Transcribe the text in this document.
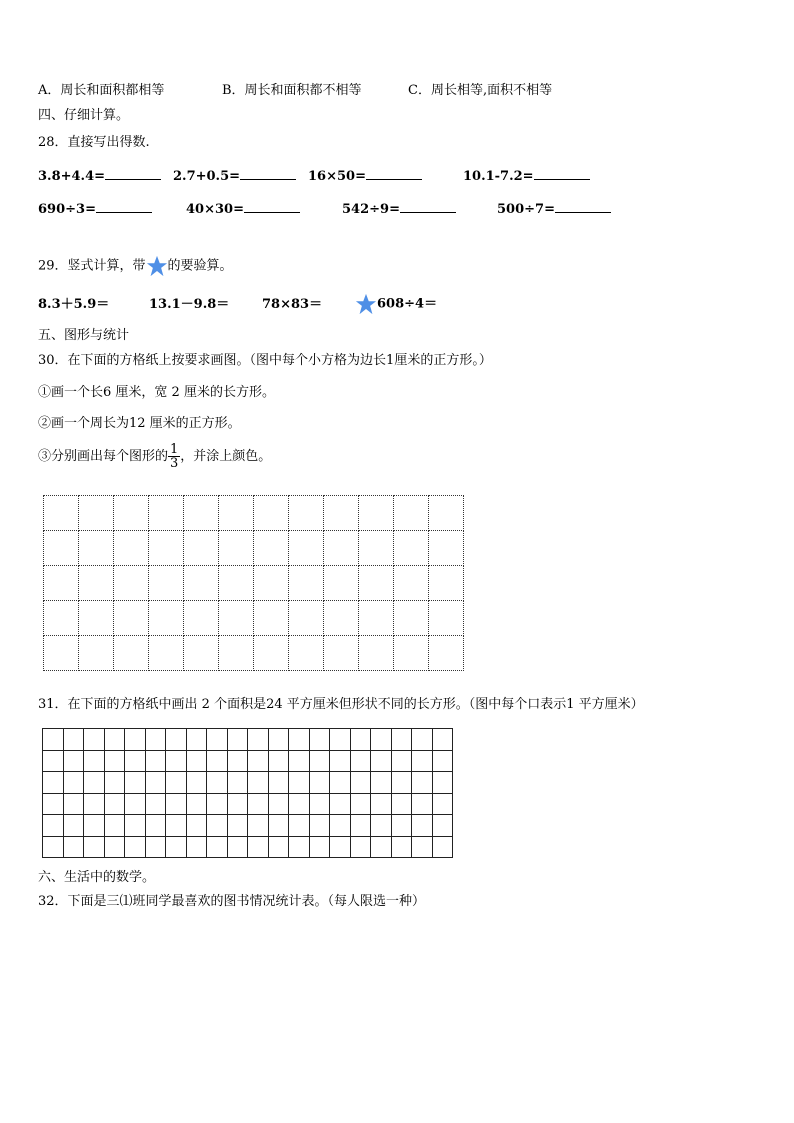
A．周长和面积都相等	B．周长和面积都不相等	C．周长相等,面积不相等
四、仔细计算。
28．直接写出得数.
3.8+4.4=	2.7+0.5=	16×50=	10.1-7.2=
690÷3=	40×30=	542÷9=	500÷7=
29．竖式计算，带 的要验算。
8.3＋5.9＝	13.1－9.8＝	78×83＝	608÷4＝
五、图形与统计
30．在下面的方格纸上按要求画图。（图中每个小方格为边长1厘米的正方形。）
①画一个长6 厘米，宽 2 厘米的长方形。
②画一个周长为12 厘米的正方形。
③分别画出每个图形的 $\frac{1}{3}$ ，并涂上颜色。

31．在下面的方格纸中画出 2 个面积是24 平方厘米但形状不同的长方形。（图中每个口表示1 平方厘米）

六、生活中的数学。
32．下面是三⑴班同学最喜欢的图书情况统计表。（每人限选一种）
